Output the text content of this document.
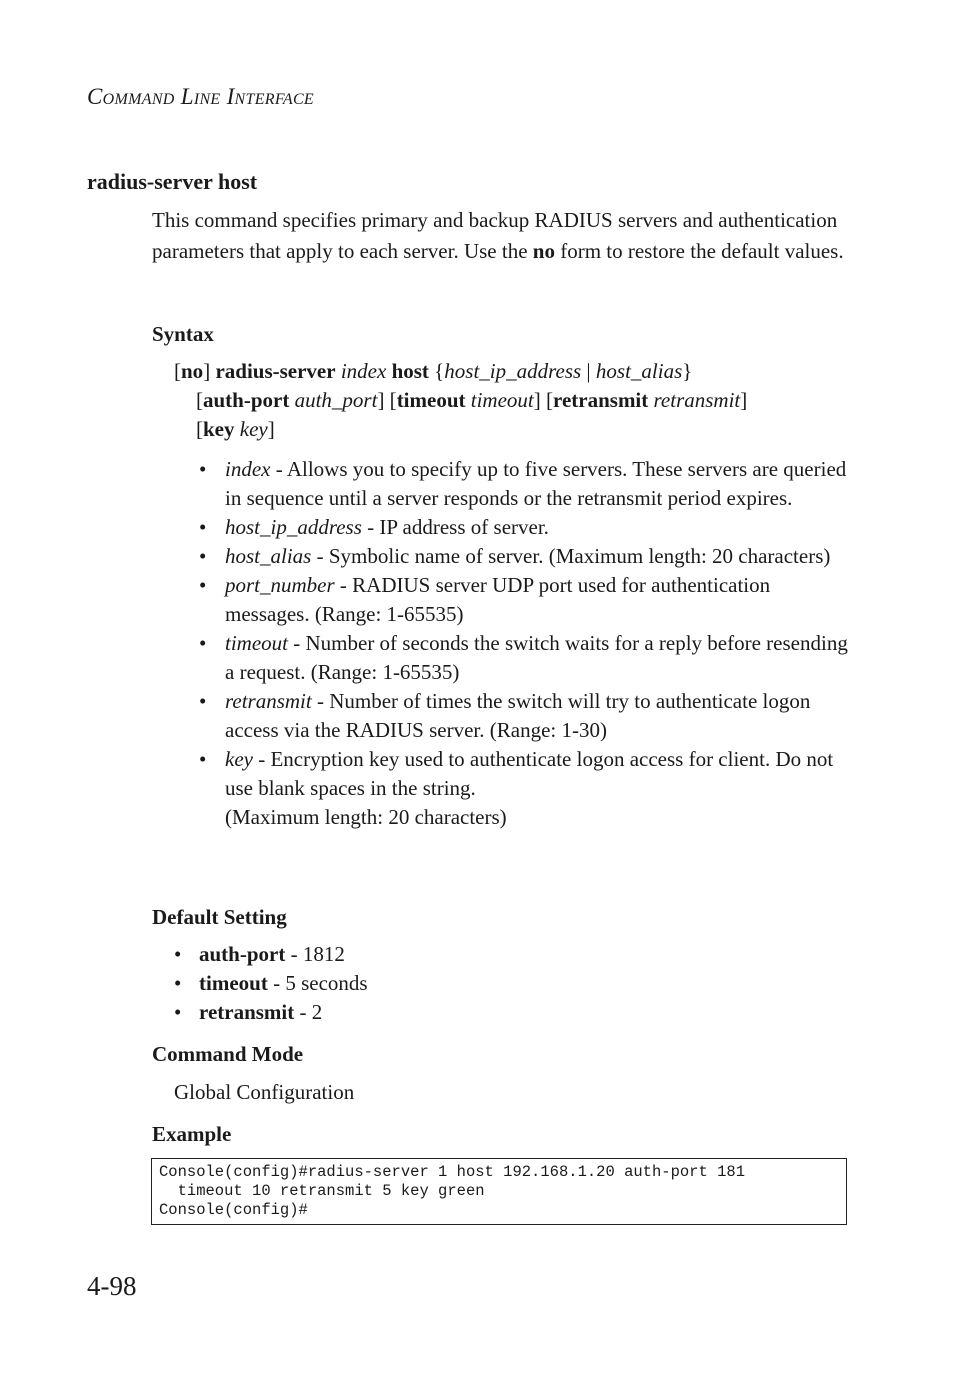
COMMAND LINE INTERFACE
radius-server host
This command specifies primary and backup RADIUS servers and authentication parameters that apply to each server. Use the no form to restore the default values.
Syntax
[no] radius-server index host {host_ip_address | host_alias}
[auth-port auth_port] [timeout timeout] [retransmit retransmit]
[key key]
• index - Allows you to specify up to five servers. These servers are queried in sequence until a server responds or the retransmit period expires.
• host_ip_address - IP address of server.
• host_alias - Symbolic name of server. (Maximum length: 20 characters)
• port_number - RADIUS server UDP port used for authentication messages. (Range: 1-65535)
• timeout - Number of seconds the switch waits for a reply before resending a request. (Range: 1-65535)
• retransmit - Number of times the switch will try to authenticate logon access via the RADIUS server. (Range: 1-30)
• key - Encryption key used to authenticate logon access for client. Do not use blank spaces in the string.
(Maximum length: 20 characters)
Default Setting
• auth-port - 1812
• timeout - 5 seconds
• retransmit - 2
Command Mode
Global Configuration
Example
Console(config)#radius-server 1 host 192.168.1.20 auth-port 181
timeout 10 retransmit 5 key green
Console(config)#
4-98
